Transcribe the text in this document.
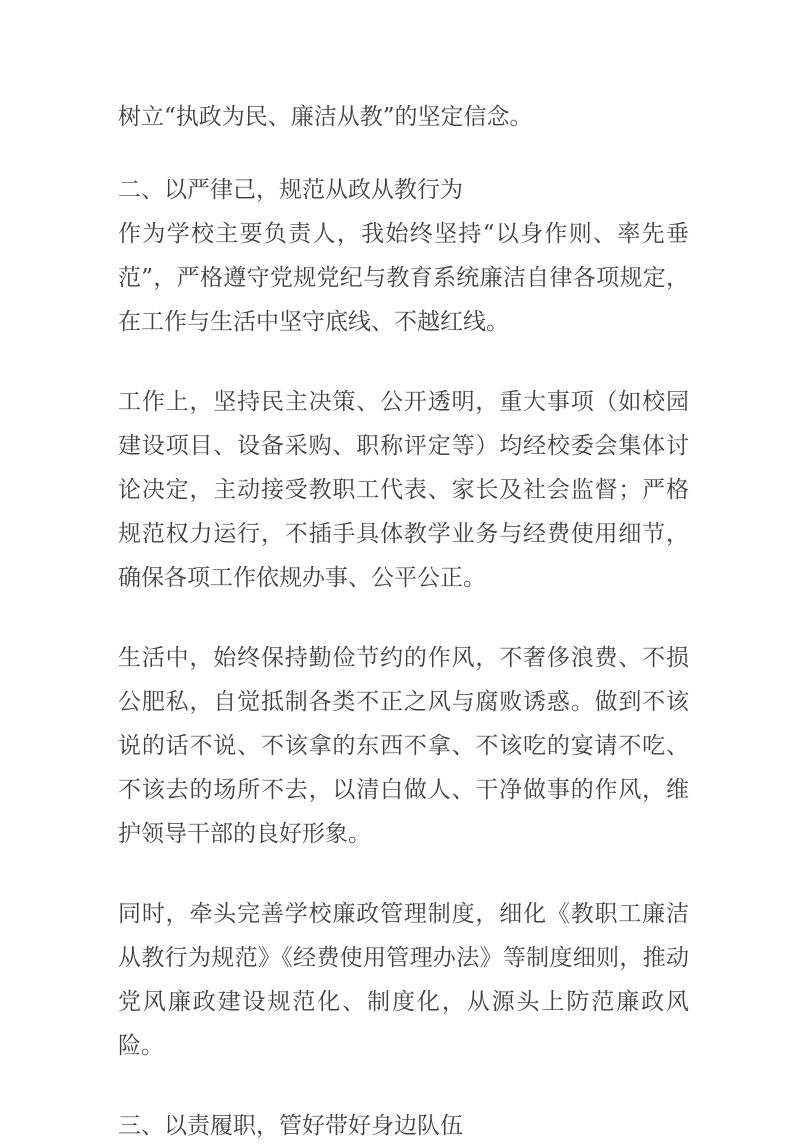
树立“执政为民、廉洁从教”的坚定信念。

二、以严律己，规范从政从教行为

作为学校主要负责人，我始终坚持“以身作则、率先垂范”，严格遵守党规党纪与教育系统廉洁自律各项规定，在工作与生活中坚守底线、不越红线。

工作上，坚持民主决策、公开透明，重大事项（如校园建设项目、设备采购、职称评定等）均经校委会集体讨论决定，主动接受教职工代表、家长及社会监督；严格规范权力运行，不插手具体教学业务与经费使用细节，确保各项工作依规办事、公平公正。

生活中，始终保持勤俭节约的作风，不奢侈浪费、不损公肥私，自觉抵制各类不正之风与腐败诱惑。做到不该说的话不说、不该拿的东西不拿、不该吃的宴请不吃、不该去的场所不去，以清白做人、干净做事的作风，维护领导干部的良好形象。

同时，牵头完善学校廉政管理制度，细化《教职工廉洁从教行为规范》《经费使用管理办法》等制度细则，推动党风廉政建设规范化、制度化，从源头上防范廉政风险。

三、以责履职，管好带好身边队伍
